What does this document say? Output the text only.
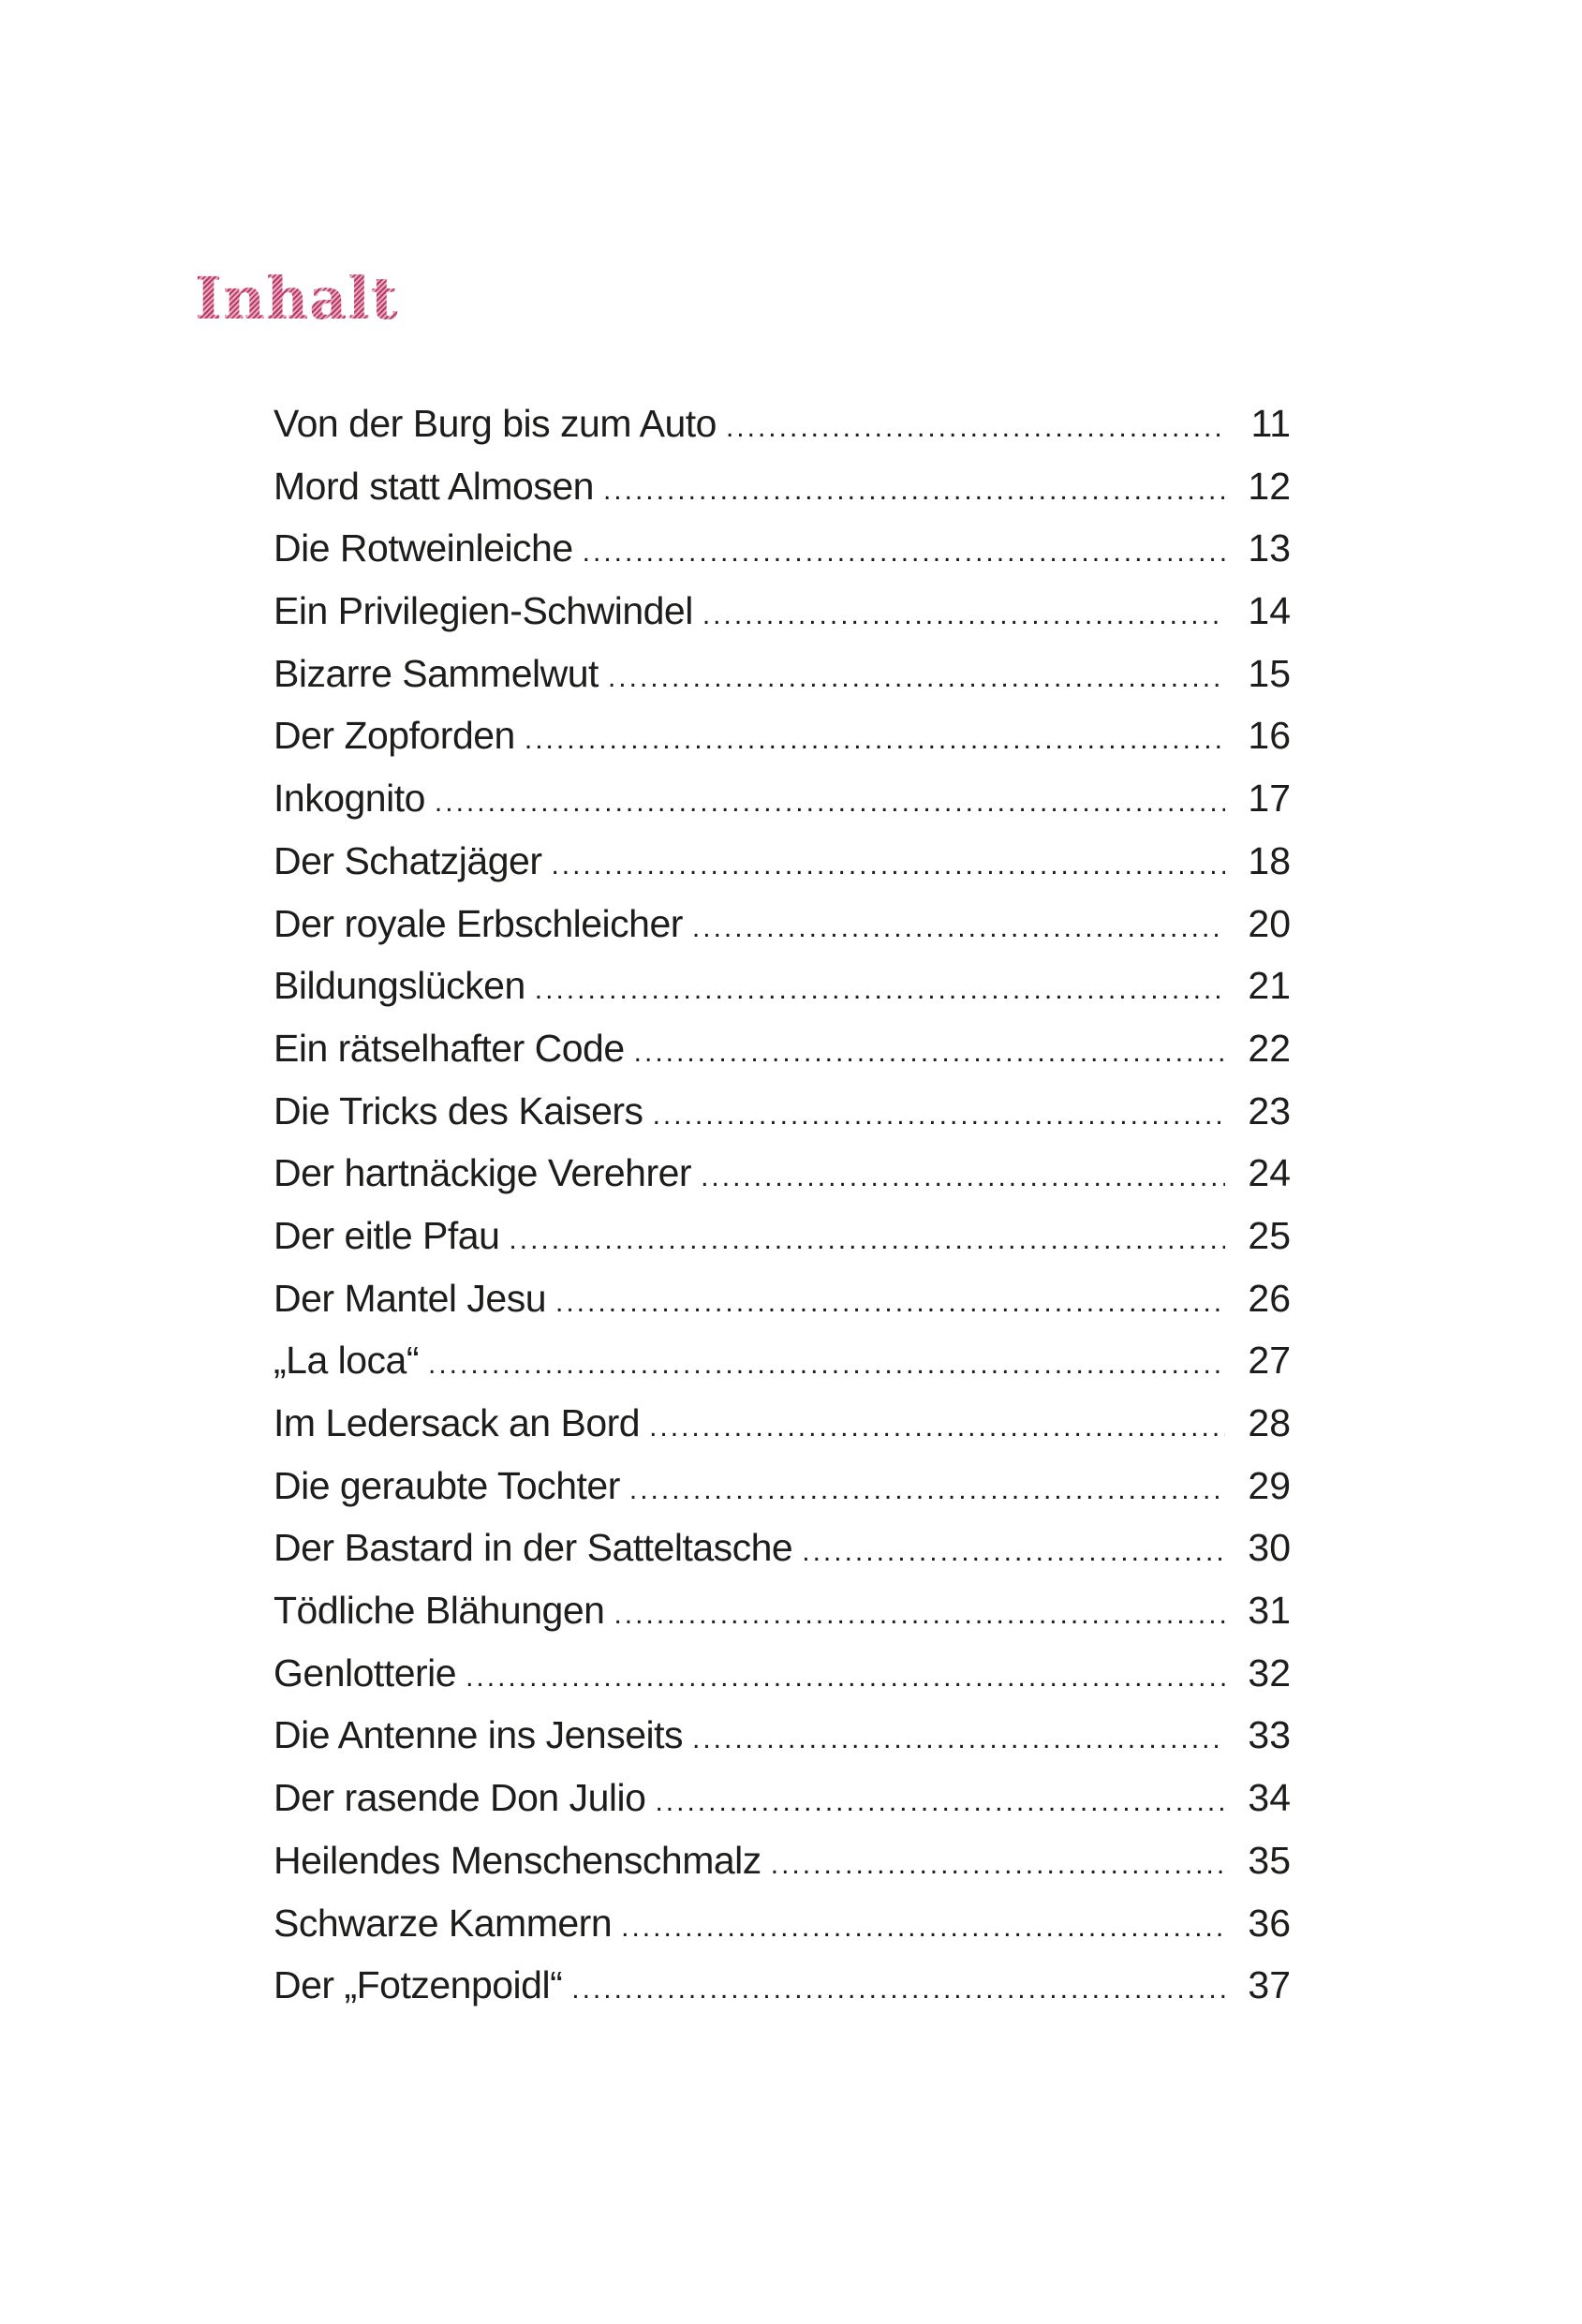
Inhalt
Von der Burg bis zum Auto .....	11
Mord statt Almosen .....	12
Die Rotweinleiche .....	13
Ein Privilegien-Schwindel .....	14
Bizarre Sammelwut .....	15
Der Zopforden .....	16
Inkognito .....	17
Der Schatzjäger .....	18
Der royale Erbschleicher .....	20
Bildungslücken .....	21
Ein rätselhafter Code .....	22
Die Tricks des Kaisers .....	23
Der hartnäckige Verehrer .....	24
Der eitle Pfau .....	25
Der Mantel Jesu .....	26
„La loca“ .....	27
Im Ledersack an Bord .....	28
Die geraubte Tochter .....	29
Der Bastard in der Satteltasche .....	30
Tödliche Blähungen .....	31
Genlotterie .....	32
Die Antenne ins Jenseits .....	33
Der rasende Don Julio .....	34
Heilendes Menschenschmalz .....	35
Schwarze Kammern .....	36
Der „Fotzenpoidl“ .....	37
